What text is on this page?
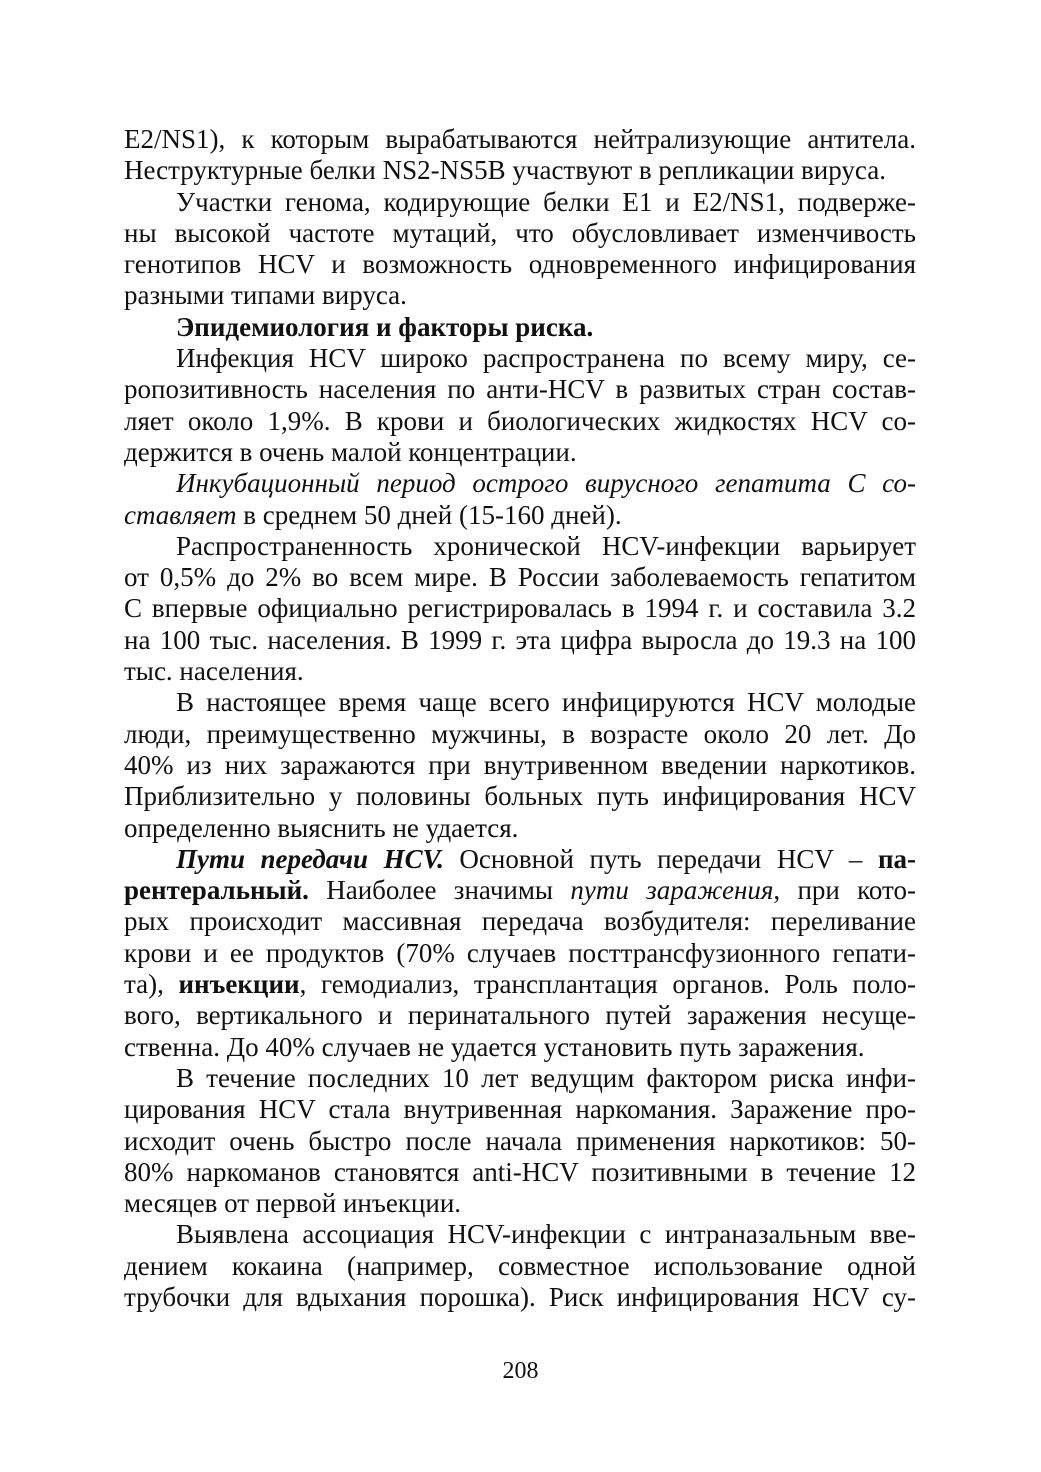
E2/NS1), к которым вырабатываются нейтрализующие антитела.
Неструктурные белки NS2-NS5B участвуют в репликации вируса.

Участки генома, кодирующие белки Е1 и Е2/NS1, подверже-
ны высокой частоте мутаций, что обусловливает изменчивость
генотипов HCV и возможность одновременного инфицирования
разными типами вируса.

Эпидемиология и факторы риска.

Инфекция HCV широко распространена по всему миру, се-
ропозитивность населения по анти-HCV в развитых стран состав-
ляет около 1,9%. В крови и биологических жидкостях HCV со-
держится в очень малой концентрации.

Инкубационный период острого вирусного гепатита С со-
ставляет в среднем 50 дней (15-160 дней).

Распространенность хронической HCV-инфекции варьирует
от 0,5% до 2% во всем мире. В России заболеваемость гепатитом
С впервые официально регистрировалась в 1994 г. и составила 3.2
на 100 тыс. населения. В 1999 г. эта цифра выросла до 19.3 на 100
тыс. населения.

В настоящее время чаще всего инфицируются HCV молодые
люди, преимущественно мужчины, в возрасте около 20 лет. До
40% из них заражаются при внутривенном введении наркотиков.
Приблизительно у половины больных путь инфицирования HCV
определенно выяснить не удается.

Пути передачи HCV. Основной путь передачи HCV – па-
рентеральный. Наиболее значимы пути заражения, при кото-
рых происходит массивная передача возбудителя: переливание
крови и ее продуктов (70% случаев посттрансфузионного гепати-
та), инъекции, гемодиализ, трансплантация органов. Роль поло-
вого, вертикального и перинатального путей заражения несуще-
ственна. До 40% случаев не удается установить путь заражения.

В течение последних 10 лет ведущим фактором риска инфи-
цирования HCV стала внутривенная наркомания. Заражение про-
исходит очень быстро после начала применения наркотиков: 50-
80% наркоманов становятся anti-HCV позитивными в течение 12
месяцев от первой инъекции.

Выявлена ассоциация HCV-инфекции с интраназальным вве-
дением кокаина (например, совместное использование одной
трубочки для вдыхания порошка). Риск инфицирования HCV су-

208
